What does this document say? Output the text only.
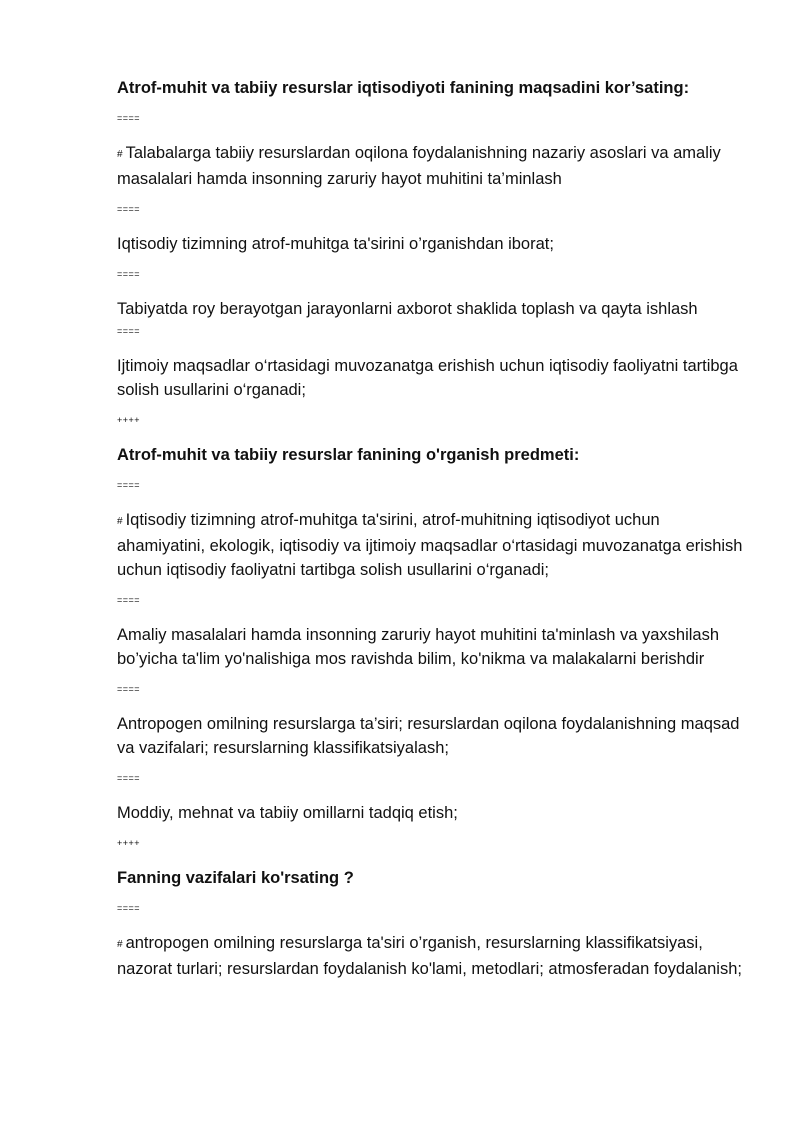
Atrof-muhit va tabiiy resurslar iqtisodiyoti fanining maqsadini kor’sating:
====
# Talabalarga tabiiy resurslardan oqilona foydalanishning nazariy asoslari va amaliy masalalari hamda insonning zaruriy hayot muhitini ta’minlash
====
Iqtisodiy tizimning atrof-muhitga ta'sirini o’rganishdan iborat;
====
Tabiyatda roy berayotgan jarayonlarni axborot shaklida toplash va qayta ishlash
====
Ijtimoiy maqsadlar o‘rtasidagi muvozanatga erishish uchun iqtisodiy faoliyatni tartibga solish usullarini o‘rganadi;
++++
Atrof-muhit va tabiiy resurslar fanining o'rganish predmeti:
====
# Iqtisodiy tizimning atrof-muhitga ta'sirini, atrof-muhitning iqtisodiyot uchun ahamiyatini, ekologik, iqtisodiy va ijtimoiy maqsadlar o‘rtasidagi muvozanatga erishish uchun iqtisodiy faoliyatni tartibga solish usullarini o‘rganadi;
====
Amaliy masalalari hamda insonning zaruriy hayot muhitini ta'minlash va yaxshilash bo’yicha ta'lim yo'nalishiga mos ravishda bilim, ko'nikma va malakalarni berishdir
====
Antropogen omilning resurslarga ta’siri; resurslardan oqilona foydalanishning maqsad va vazifalari; resurslarning klassifikatsiyalash;
====
Moddiy, mehnat va tabiiy omillarni tadqiq etish;
++++
Fanning vazifalari ko'rsating ?
====
# antropogen omilning resurslarga ta'siri o’rganish, resurslarning klassifikatsiyasi, nazorat turlari; resurslardan foydalanish ko'lami, metodlari; atmosferadan foydalanish;
